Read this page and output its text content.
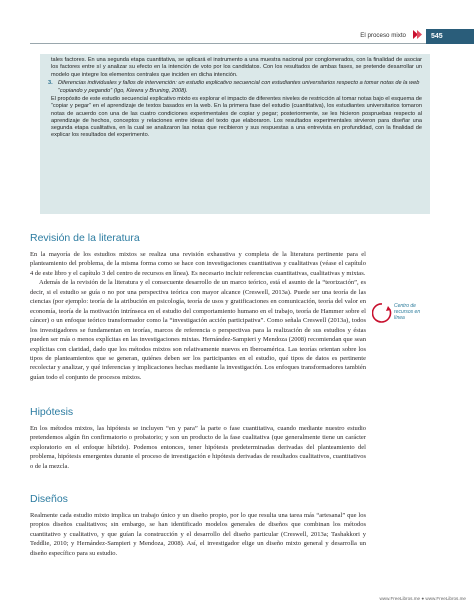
El proceso mixto	545

tales factores. En una segunda etapa cuantitativa, se aplicará el instrumento a una muestra nacional por conglomerados, con la finalidad de asociar los factores entre sí y analizar su efecto en la intención de voto por los candidatos. Con los resultados de ambas fases, se pretende desarrollar un modelo que integre los elementos centrales que inciden en dicha intención.

3. Diferencias individuales y fallos de intervención: un estudio explicativo secuencial con estudiantes universitarios respecto a tomar notas de la web “copiando y pegando” (Igo, Kiewra y Bruning, 2008).

El propósito de este estudio secuencial explicativo mixto es explorar el impacto de diferentes niveles de restricción al tomar notas bajo el esquema de “copiar y pegar” en el aprendizaje de textos basados en la web. En la primera fase del estudio (cuantitativa), los estudiantes universitarios tomaron notas de acuerdo con una de las cuatro condiciones experimentales de copiar y pegar; posteriormente, se les hicieron pospruebas respecto al aprendizaje de hechos, conceptos y relaciones entre ideas del texto que elaboraron. Los resultados experimentales sirvieron para diseñar una segunda etapa cualitativa, en la cual se analizaron las notas que recibieron y sus respuestas a una entrevista en profundidad, con la finalidad de explicar los resultados del experimento.

Revisión de la literatura

En la mayoría de los estudios mixtos se realiza una revisión exhaustiva y completa de la literatura pertinente para el planteamiento del problema, de la misma forma como se hace con investigaciones cuantitativas y cualitativas (véase el capítulo 4 de este libro y el capítulo 3 del centro de recursos en línea). Es necesario incluir referencias cuantitativas, cualitativas y mixtas.

Además de la revisión de la literatura y el consecuente desarrollo de un marco teórico, está el asunto de la “teorización”, es decir, si el estudio se guía o no por una perspectiva teórica con mayor alcance (Creswell, 2013a). Puede ser una teoría de las ciencias (por ejemplo: teoría de la atribución en psicología, teoría de usos y gratificaciones en comunicación, teoría del valor en economía, teoría de la motivación intrínseca en el estudio del comportamiento humano en el trabajo, teoría de Hammer sobre el cáncer) o un enfoque teórico transformador como la “investigación acción participativa”. Como señala Creswell (2013a), todos los investigadores se fundamentan en teorías, marcos de referencia o perspectivas para la realización de sus estudios y éstas pueden ser más o menos explícitas en las investigaciones mixtas. Hernández-Sampieri y Mendoza (2008) recomiendan que sean explícitas con claridad, dado que los métodos mixtos son relativamente nuevos en Iberoamérica. Las teorías orientan sobre los tipos de planteamientos que se generan, quiénes deben ser los participantes en el estudio, qué tipos de datos es pertinente recolectar y analizar, y qué inferencias y implicaciones hechas mediante la investigación. Los enfoques transformadores también guían todo el conjunto de procesos mixtos.

Centro de recursos en línea
Hipótesis

En los métodos mixtos, las hipótesis se incluyen “en y para” la parte o fase cuantitativa, cuando mediante nuestro estudio pretendemos algún fin confirmatorio o probatorio; y son un producto de la fase cualitativa (que generalmente tiene un carácter exploratorio en el enfoque híbrido). Podemos entonces, tener hipótesis predeterminadas derivadas del planteamiento del problema, hipótesis emergentes durante el proceso de investigación e hipótesis derivadas de resultados cualitativos, cuantitativos o de la mezcla.

Diseños

Realmente cada estudio mixto implica un trabajo único y un diseño propio, por lo que resulta una tarea más “artesanal” que los propios diseños cualitativos; sin embargo, se han identificado modelos generales de diseños que combinan los métodos cuantitativo y cualitativo, y que guían la construcción y el desarrollo del diseño particular (Creswell, 2013a; Tashakkori y Teddlie, 2010; y Hernández-Sampieri y Mendoza, 2008). Así, el investigador elige un diseño mixto general y desarrolla un diseño específico para su estudio.

www.FreeLibros.me ● www.FreeLibros.me
